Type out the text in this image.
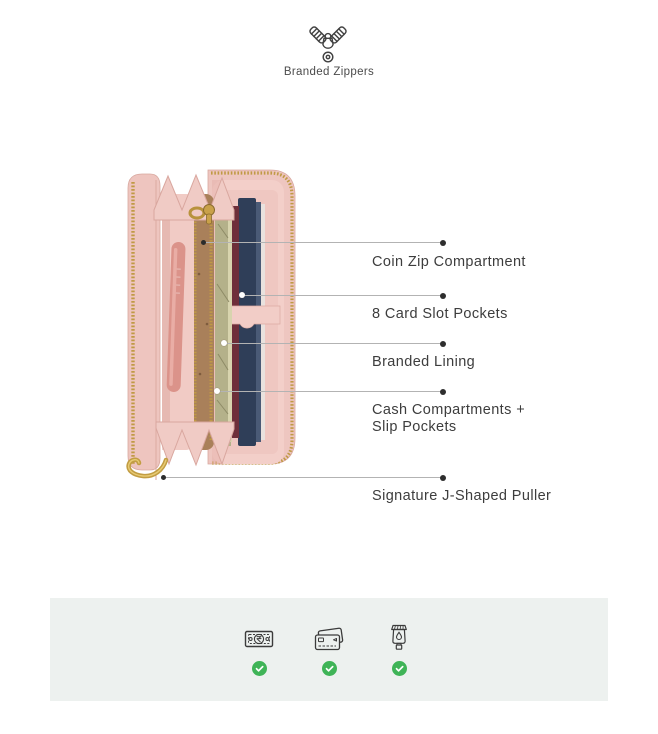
Branded Zippers
Coin Zip Compartment
8 Card Slot Pockets
Branded Lining
Cash Compartments + Slip Pockets
Signature J-Shaped Puller
